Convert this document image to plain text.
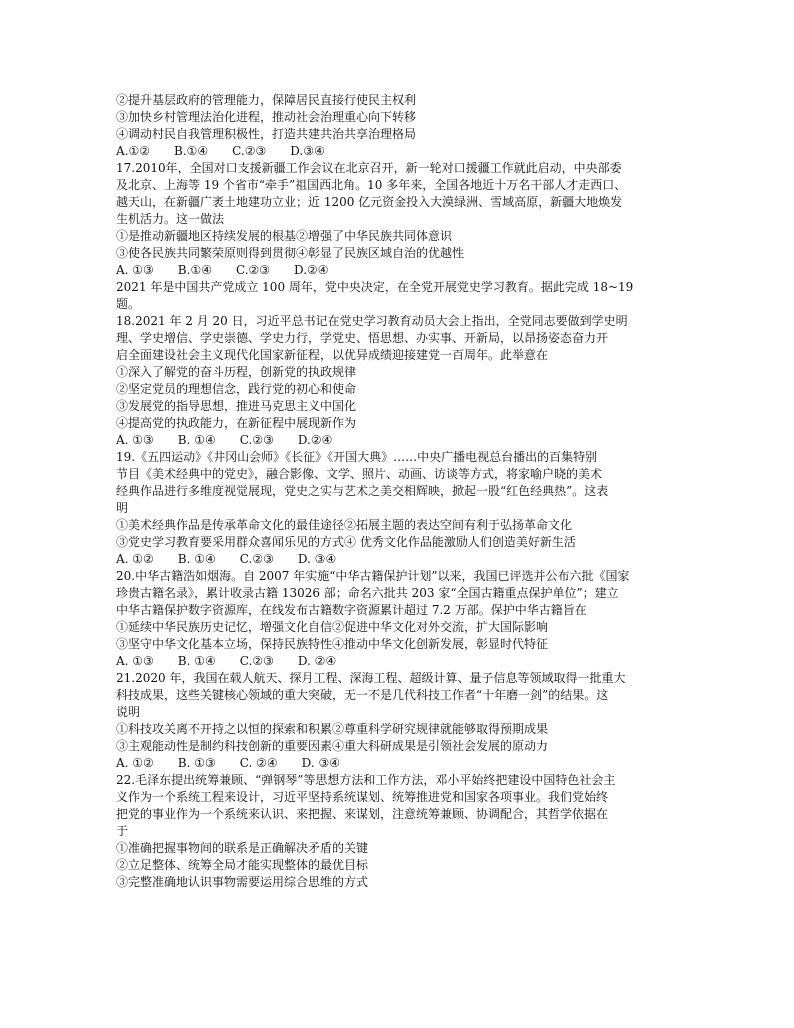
②提升基层政府的管理能力，保障居民直接行使民主权利
③加快乡村管理法治化进程，推动社会治理重心向下转移
④调动村民自我管理积极性，打造共建共治共享治理格局
A.①②　　B.①④　　C.②③　　D.③④
17.2010年，全国对口支援新疆工作会议在北京召开，新一轮对口援疆工作就此启动，中央部委
及北京、上海等 19 个省市“牵手”祖国西北角。10 多年来，全国各地近十万名干部人才走西口、
越天山，在新疆广袤土地建功立业；近 1200 亿元资金投入大漠绿洲、雪域高原，新疆大地焕发
生机活力。这一做法
①是推动新疆地区持续发展的根基②增强了中华民族共同体意识
③使各民族共同繁荣原则得到贯彻④彰显了民族区域自治的优越性
A. ①③　　B.①④　　C.②③　　D.②④
2021 年是中国共产党成立 100 周年，党中央决定，在全党开展党史学习教育。据此完成 18~19
题。
18.2021 年 2 月 20 日，习近平总书记在党史学习教育动员大会上指出，全党同志要做到学史明
理、学史增信、学史崇德、学史力行，学党史、悟思想、办实事、开新局，以昂扬姿态奋力开
启全面建设社会主义现代化国家新征程，以优异成绩迎接建党一百周年。此举意在
①深入了解党的奋斗历程，创新党的执政规律
②坚定党员的理想信念，践行党的初心和使命
③发展党的指导思想，推进马克思主义中国化
④提高党的执政能力，在新征程中展现新作为
A. ①③　　B. ①④　　C.②③　　D.②④
19.《五四运动》《井冈山会师》《长征》《开国大典》……中央广播电视总台播出的百集特别
节目《美术经典中的党史》，融合影像、文学、照片、动画、访谈等方式，将家喻户晓的美术
经典作品进行多维度视觉展现，党史之实与艺术之美交相辉映，掀起一股“红色经典热”。这表
明
①美术经典作品是传承革命文化的最佳途径②拓展主题的表达空间有利于弘扬革命文化
③党史学习教育要采用群众喜闻乐见的方式④ 优秀文化作品能激励人们创造美好新生活
A. ①②　　B. ①④　　C.②③　　D. ③④
20.中华古籍浩如烟海。自 2007 年实施“中华古籍保护计划”以来，我国已评选并公布六批《国家
珍贵古籍名录》，累计收录古籍 13026 部；命名六批共 203 家“全国古籍重点保护单位”；建立
中华古籍保护数字资源库，在线发布古籍数字资源累计超过 7.2 万部。保护中华古籍旨在
①延续中华民族历史记忆，增强文化自信②促进中华文化对外交流，扩大国际影响
③坚守中华文化基本立场，保持民族特性④推动中华文化创新发展，彰显时代特征
A. ①③　　B. ①④　　C.②③　　D. ②④
21.2020 年，我国在载人航天、探月工程、深海工程、超级计算、量子信息等领域取得一批重大
科技成果，这些关键核心领域的重大突破，无一不是几代科技工作者“十年磨一剑”的结果。这
说明
①科技攻关离不开持之以恒的探索和积累②尊重科学研究规律就能够取得预期成果
③主观能动性是制约科技创新的重要因素④重大科研成果是引领社会发展的原动力
A. ①②　　B. ①③　　C. ②④　　D. ③④
22.毛泽东提出统筹兼顾、“弹钢琴”等思想方法和工作方法，邓小平始终把建设中国特色社会主
义作为一个系统工程来设计，习近平坚持系统谋划、统筹推进党和国家各项事业。我们党始终
把党的事业作为一个系统来认识、来把握、来谋划，注意统筹兼顾、协调配合，其哲学依据在
于
①准确把握事物间的联系是正确解决矛盾的关键
②立足整体、统筹全局才能实现整体的最优目标
③完整准确地认识事物需要运用综合思维的方式
